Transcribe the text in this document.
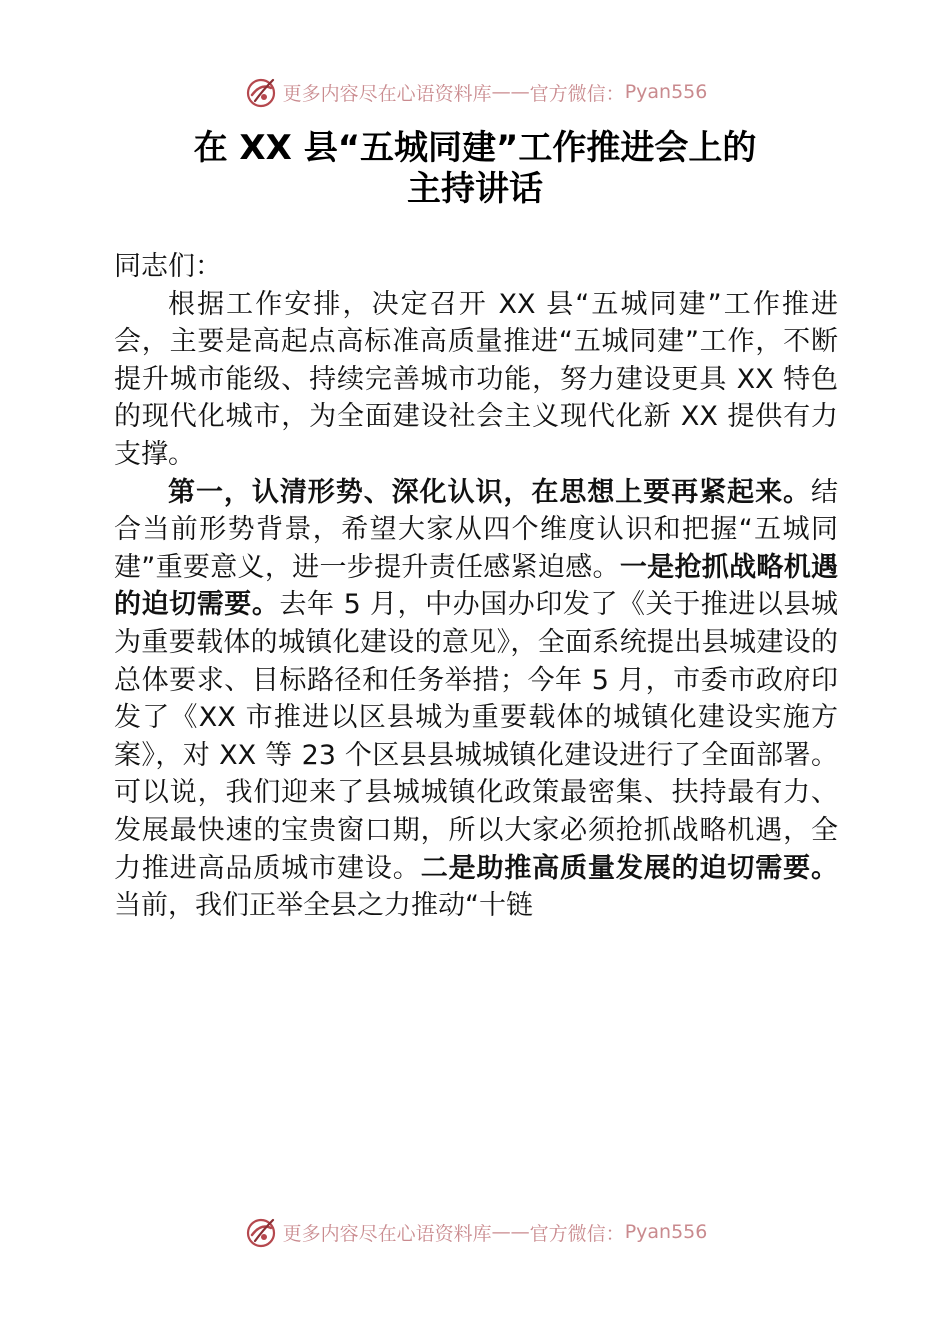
更多内容尽在心语资料库 —— 官方微信： Pyan556
在 XX 县“五城同建”工作推进会上的
主持讲话

同志们：

根据工作安排，决定召开 XX 县“五城同建”工作推进会，主要是高起点高标准高质量推进“五城同建”工作，不断提升城市能级、持续完善城市功能，努力建设更具 XX 特色的现代化城市，为全面建设社会主义现代化新 XX 提供有力支撑。

第一，认清形势、深化认识，在思想上要再紧起来。结合当前形势背景，希望大家从四个维度认识和把握“五城同建”重要意义，进一步提升责任感紧迫感。一是抢抓战略机遇的迫切需要。去年 5 月，中办国办印发了《关于推进以县城为重要载体的城镇化建设的意见》，全面系统提出县城建设的总体要求、目标路径和任务举措；今年 5 月，市委市政府印发了《XX 市推进以区县城为重要载体的城镇化建设实施方案》，对 XX 等 23 个区县县城城镇化建设进行了全面部署。可以说，我们迎来了县城城镇化政策最密集、扶持最有力、发展最快速的宝贵窗口期，所以大家必须抢抓战略机遇，全力推进高品质城市建设。二是助推高质量发展的迫切需要。当前，我们正举全县之力推动“十链

更多内容尽在心语资料库 —— 官方微信： Pyan556
